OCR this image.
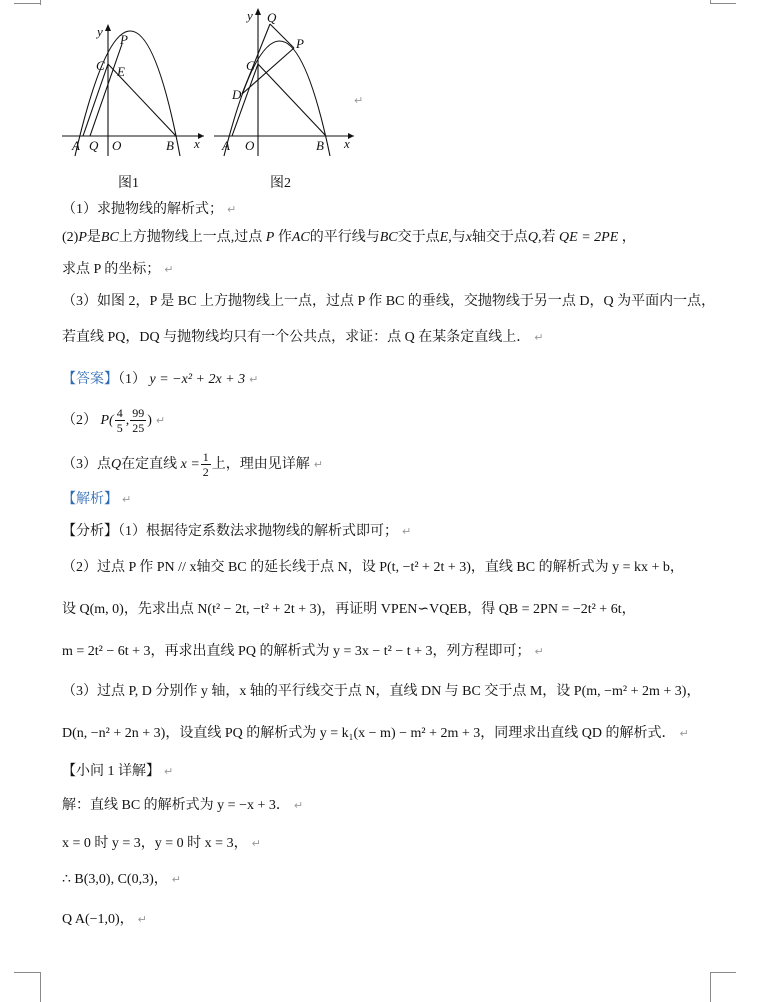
y
x
P
C E
A Q O	B
图1
y
x
Q
P
C
D
A O	B
图2
↵
（1）求抛物线的解析式； ↵
(2)P是BC上方抛物线上一点,过点 P 作AC的平行线与BC交于点E,与x轴交于点Q,若 QE = 2PE ，
求点 P 的坐标； ↵
（3）如图 2，P 是 BC 上方抛物线上一点，过点 P 作 BC 的垂线，交抛物线于另一点 D，Q 为平面内一点，
若直线 PQ，DQ 与抛物线均只有一个公共点，求证：点 Q 在某条定直线上． ↵
【答案】（1） y = −x² + 2x + 3 ↵
（2） $P( \frac{4}{5}$ , $\frac{99}{25}$ ) ↵
（3）点Q在定直线 $x = \frac{1}{2}$ 上，理由见详解 ↵
【解析】 ↵
【分析】（1）根据待定系数法求抛物线的解析式即可； ↵
（2）过点 P 作 PN // x轴交 BC 的延长线于点 N，设 P(t, −t² + 2t + 3)，直线 BC 的解析式为 y = kx + b，
设 Q(m, 0)，先求出点 N(t² − 2t, −t² + 2t + 3)，再证明 VPEN∽VQEB，得 QB = 2PN = −2t² + 6t，
m = 2t² − 6t + 3，再求出直线 PQ 的解析式为 y = 3x − t² − t + 3，列方程即可； ↵
（3）过点 P, D 分别作 y 轴，x 轴的平行线交于点 N，直线 DN 与 BC 交于点 M，设 P(m, −m² + 2m + 3)，
D(n, −n² + 2n + 3)，设直线 PQ 的解析式为 y = k₁(x − m) − m² + 2m + 3，同理求出直线 QD 的解析式． ↵
【小问 1 详解】 ↵
解：直线 BC 的解析式为 y = −x + 3． ↵
x = 0 时 y = 3，y = 0 时 x = 3， ↵
∴ B(3,0), C(0,3)， ↵
Q A(−1,0)， ↵
